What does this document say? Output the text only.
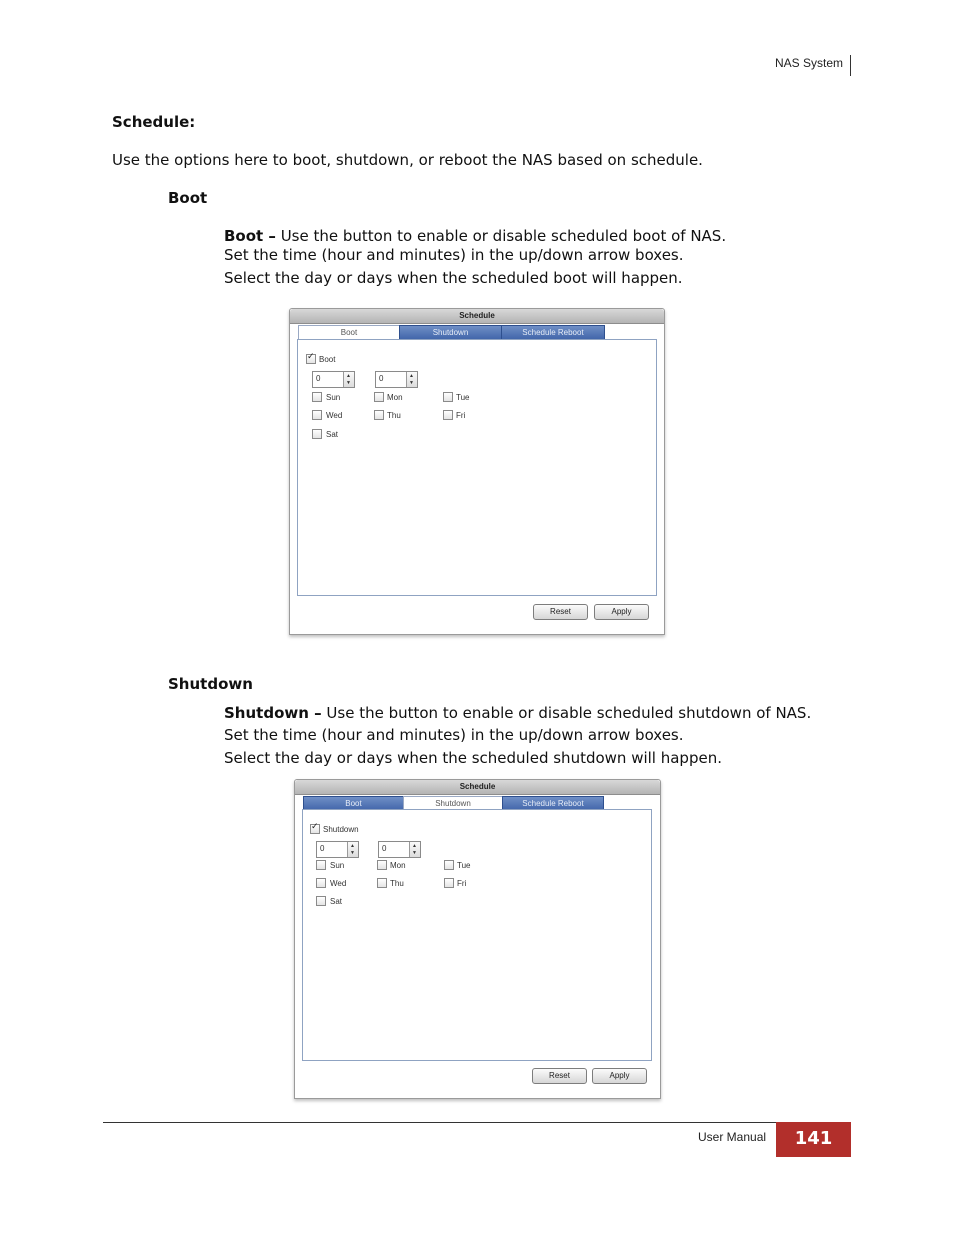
NAS System
Schedule:
Use the options here to boot, shutdown, or reboot the NAS based on schedule.
Boot
Boot – Use the button to enable or disable scheduled boot of NAS.
Set the time (hour and minutes) in the up/down arrow boxes.
Select the day or days when the scheduled boot will happen.
Schedule
Boot	Shutdown	Schedule Reboot
✓
Boot
0	▲
▼	0	▲
▼
Sun	Mon	Tue
Wed	Thu	Fri
Sat
Reset	Apply
Shutdown
Shutdown – Use the button to enable or disable scheduled shutdown of NAS.
Set the time (hour and minutes) in the up/down arrow boxes.
Select the day or days when the scheduled shutdown will happen.
Schedule
Boot	Shutdown	Schedule Reboot
✓
Shutdown
0	▲
▼	0	▲
▼
Sun	Mon	Tue
Wed	Thu	Fri
Sat
Reset	Apply
User Manual	141
